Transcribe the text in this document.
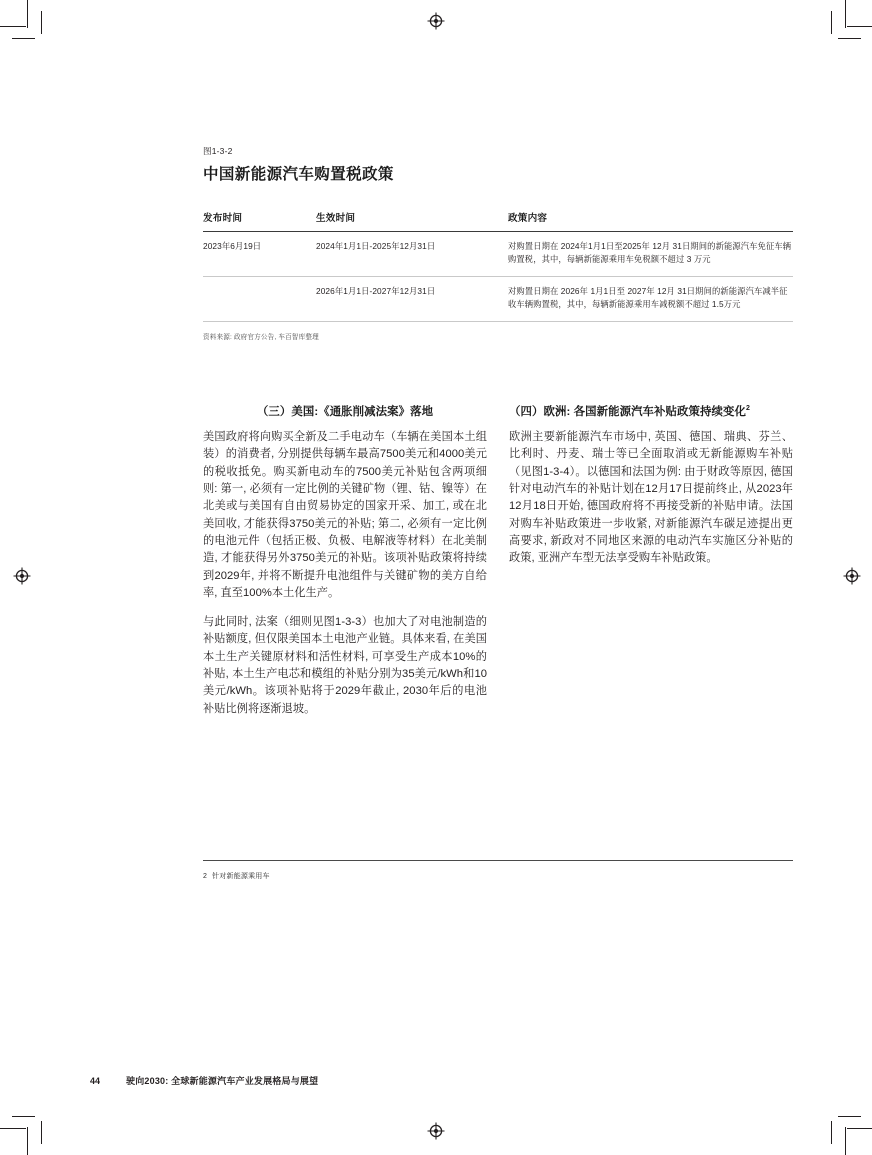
图1-3-2
中国新能源汽车购置税政策
发布时间	生效时间	政策内容
2023年6月19日	2024年1月1日-2025年12月31日	对购置日期在 2024年1月1日至2025年 12月 31日期间的新能源汽车免征车辆购置税，其中，每辆新能源乘用车免税额不超过 3 万元
	2026年1月1日-2027年12月31日	对购置日期在 2026年 1月1日至 2027年 12月 31日期间的新能源汽车减半征收车辆购置税，其中，每辆新能源乘用车减税额不超过 1.5万元
资料来源: 政府官方公告, 车百智库整理
（三）美国:《通胀削减法案》落地

美国政府将向购买全新及二手电动车（车辆在美国本土组装）的消费者, 分别提供每辆车最高7500美元和4000美元的税收抵免。购买新电动车的7500美元补贴包含两项细则: 第一, 必须有一定比例的关键矿物（锂、钴、镍等）在北美或与美国有自由贸易协定的国家开采、加工, 或在北美回收, 才能获得3750美元的补贴; 第二, 必须有一定比例的电池元件（包括正极、负极、电解液等材料）在北美制造, 才能获得另外3750美元的补贴。该项补贴政策将持续到2029年, 并将不断提升电池组件与关键矿物的美方自给率, 直至100%本土化生产。

与此同时, 法案（细则见图1-3-3）也加大了对电池制造的补贴额度, 但仅限美国本土电池产业链。具体来看, 在美国本土生产关键原材料和活性材料, 可享受生产成本10%的补贴, 本土生产电芯和模组的补贴分别为35美元/kWh和10美元/kWh。该项补贴将于2029年截止, 2030年后的电池补贴比例将逐渐退坡。

（四）欧洲: 各国新能源汽车补贴政策持续变化$^2$

欧洲主要新能源汽车市场中, 英国、德国、瑞典、芬兰、比利时、丹麦、瑞士等已全面取消或无新能源购车补贴（见图1-3-4）。以德国和法国为例: 由于财政等原因, 德国针对电动汽车的补贴计划在12月17日提前终止, 从2023年12月18日开始, 德国政府将不再接受新的补贴申请。法国对购车补贴政策进一步收紧, 对新能源汽车碳足迹提出更高要求, 新政对不同地区来源的电动汽车实施区分补贴的政策, 亚洲产车型无法享受购车补贴政策。

2 针对新能源乘用车
44	驶向2030: 全球新能源汽车产业发展格局与展望
